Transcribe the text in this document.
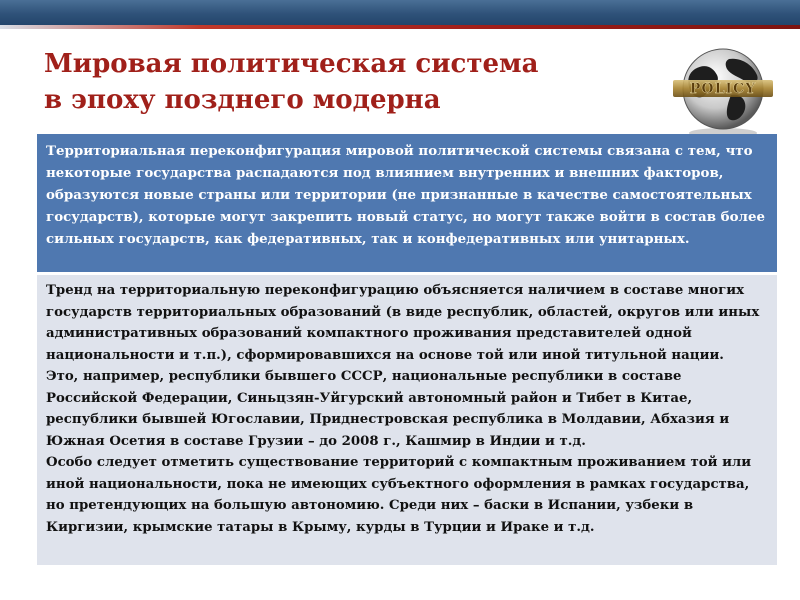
Мировая политическая система
в эпоху позднего модерна	POLICY

Территориальная переконфигурация мировой политической системы связана с тем, что некоторые государства распадаются под влиянием внутренних и внешних факторов, образуются новые страны или территории (не признанные в качестве самостоятельных государств), которые могут закрепить новый статус, но могут также войти в состав более сильных государств, как федеративных, так и конфедеративных или унитарных.

Тренд на территориальную переконфигурацию объясняется наличием в составе многих государств территориальных образований (в виде республик, областей, округов или иных административных образований компактного проживания представителей одной национальности и т.п.), сформировавшихся на основе той или иной титульной нации.

Это, например, республики бывшего СССР, национальные республики в составе Российской Федерации, Синьцзян-Уйгурский автономный район и Тибет в Китае, республики бывшей Югославии, Приднестровская республика в Молдавии, Абхазия и Южная Осетия в составе Грузии – до 2008 г., Кашмир в Индии и т.д.

Особо следует отметить существование территорий с компактным проживанием той или иной национальности, пока не имеющих субъектного оформления в рамках государства, но претендующих на большую автономию. Среди них – баски в Испании, узбеки в Киргизии, крымские татары в Крыму, курды в Турции и Ираке и т.д.
